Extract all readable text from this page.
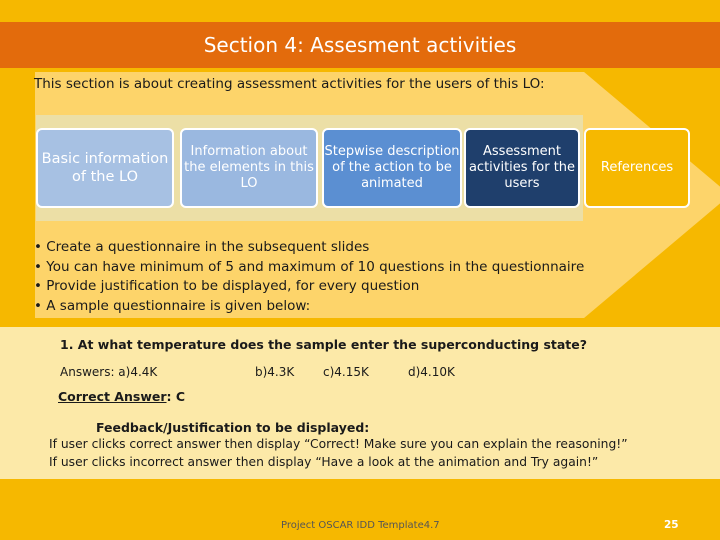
Section 4: Assesment activities
This section is about creating assessment activities for the users of this LO:
Basic information of the LO
Information about the elements in this LO
Stepwise description of the action to be animated
Assessment activities for the users
References
• Create a questionnaire in the subsequent slides
• You can have minimum of 5 and maximum of 10 questions in the questionnaire
• Provide justification to be displayed, for every question
• A sample questionnaire is given below:
1. At what temperature does the sample enter the superconducting state?
Answers: a)4.4K	b)4.3K c)4.15K	d)4.10K
Correct Answer: C
Feedback/Justification to be displayed:
If user clicks correct answer then display “Correct! Make sure you can explain the reasoning!”
If user clicks incorrect answer then display “Have a look at the animation and Try again!”
Project OSCAR IDD Template4.7	25
